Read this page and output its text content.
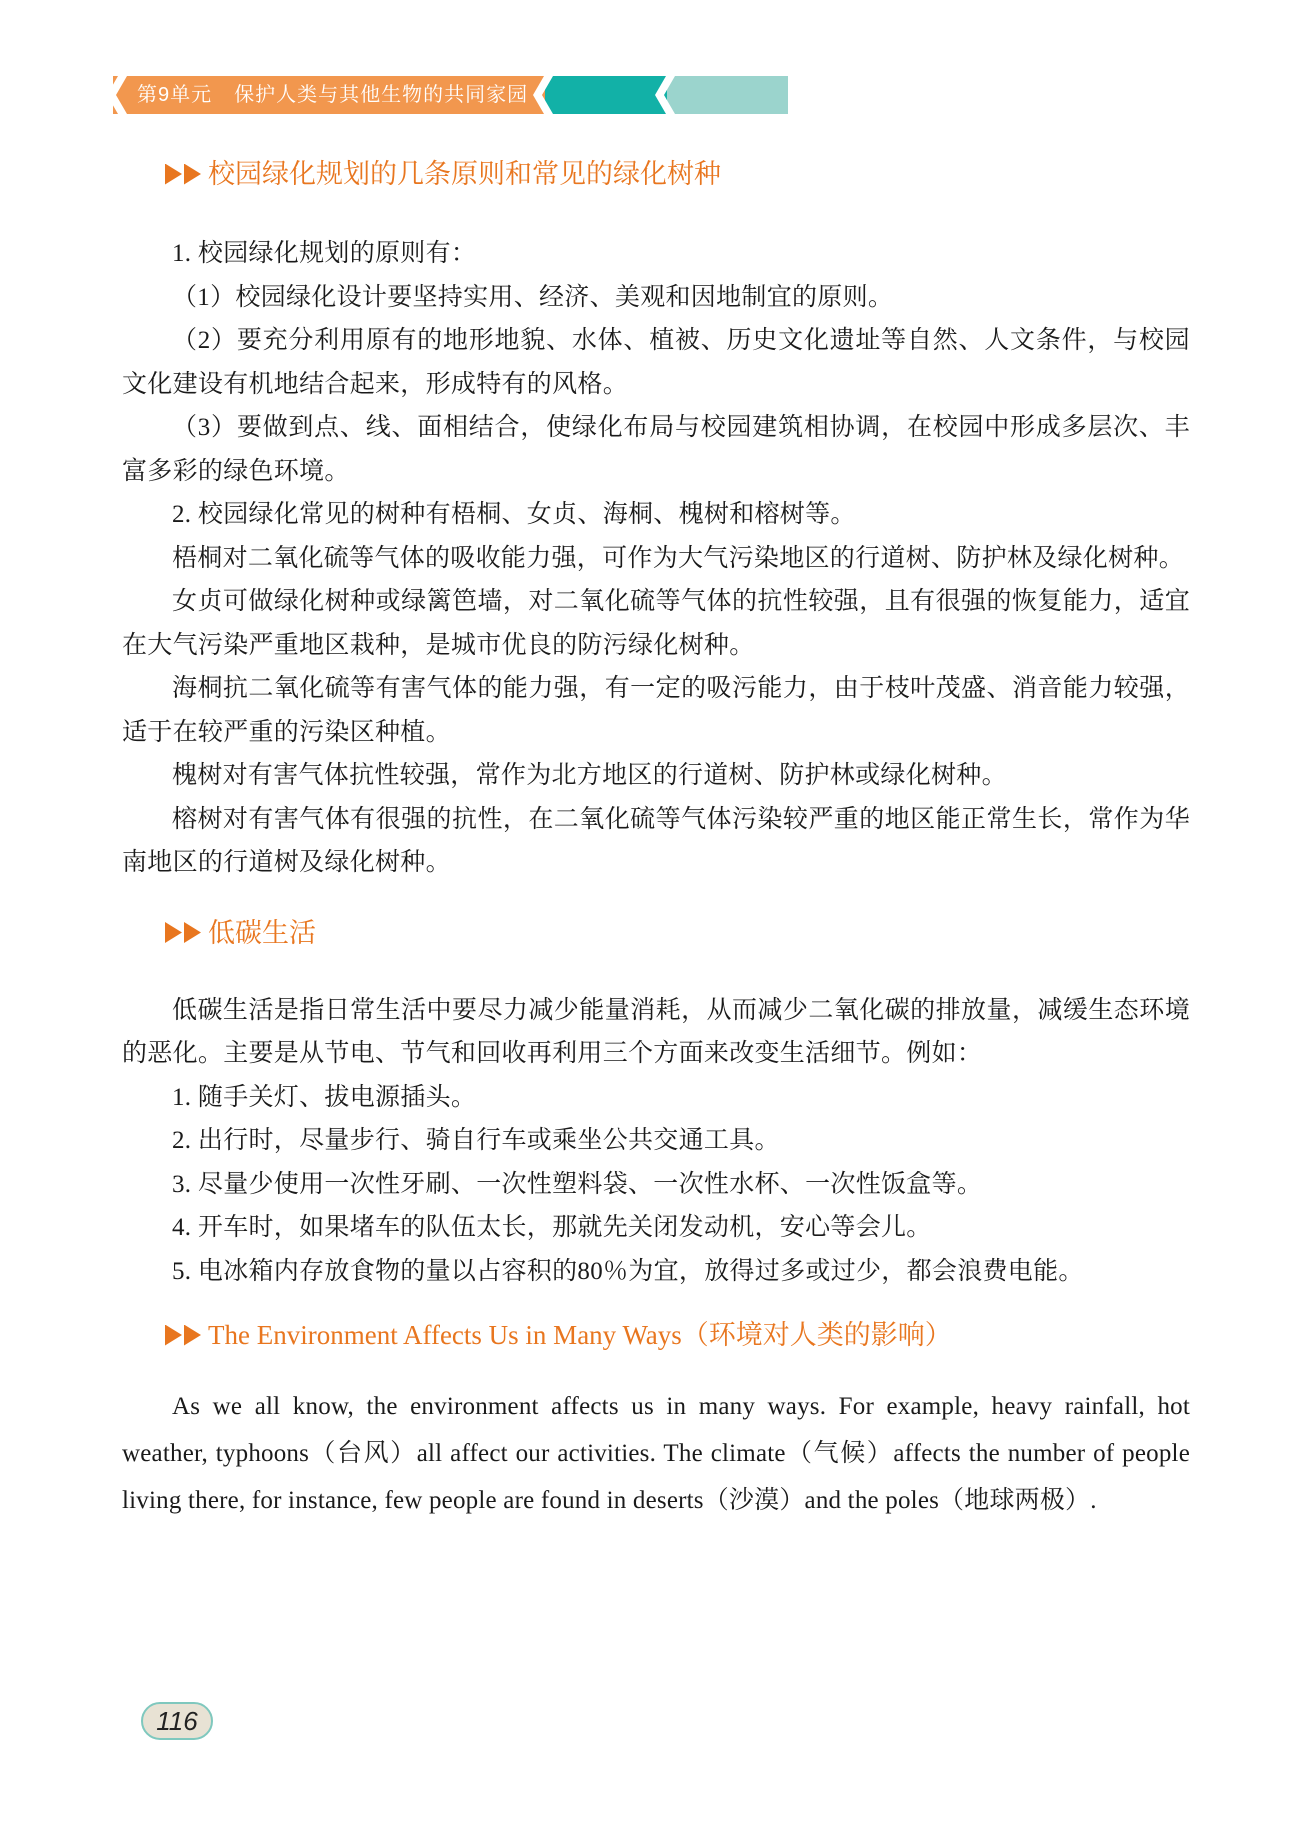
第9单元 保护人类与其他生物的共同家园
校园绿化规划的几条原则和常见的绿化树种

1. 校园绿化规划的原则有：

（1）校园绿化设计要坚持实用、经济、美观和因地制宜的原则。

（2）要充分利用原有的地形地貌、水体、植被、历史文化遗址等自然、人文条件，与校园文化建设有机地结合起来，形成特有的风格。

（3）要做到点、线、面相结合，使绿化布局与校园建筑相协调，在校园中形成多层次、丰富多彩的绿色环境。

2. 校园绿化常见的树种有梧桐、女贞、海桐、槐树和榕树等。

梧桐对二氧化硫等气体的吸收能力强，可作为大气污染地区的行道树、防护林及绿化树种。

女贞可做绿化树种或绿篱笆墙，对二氧化硫等气体的抗性较强，且有很强的恢复能力，适宜在大气污染严重地区栽种，是城市优良的防污绿化树种。

海桐抗二氧化硫等有害气体的能力强，有一定的吸污能力，由于枝叶茂盛、消音能力较强，适于在较严重的污染区种植。

槐树对有害气体抗性较强，常作为北方地区的行道树、防护林或绿化树种。

榕树对有害气体有很强的抗性，在二氧化硫等气体污染较严重的地区能正常生长，常作为华南地区的行道树及绿化树种。

低碳生活

低碳生活是指日常生活中要尽力减少能量消耗，从而减少二氧化碳的排放量，减缓生态环境的恶化。主要是从节电、节气和回收再利用三个方面来改变生活细节。例如：

1. 随手关灯、拔电源插头。

2. 出行时，尽量步行、骑自行车或乘坐公共交通工具。

3. 尽量少使用一次性牙刷、一次性塑料袋、一次性水杯、一次性饭盒等。

4. 开车时，如果堵车的队伍太长，那就先关闭发动机，安心等会儿。

5. 电冰箱内存放食物的量以占容积的80％为宜，放得过多或过少，都会浪费电能。

The Environment Affects Us in Many Ways（环境对人类的影响）

As we all know, the environment affects us in many ways. For example, heavy rainfall, hot weather, typhoons（台风）all affect our activities. The climate（气候）affects the number of people living there, for instance, few people are found in deserts（沙漠）and the poles（地球两极）.

116
